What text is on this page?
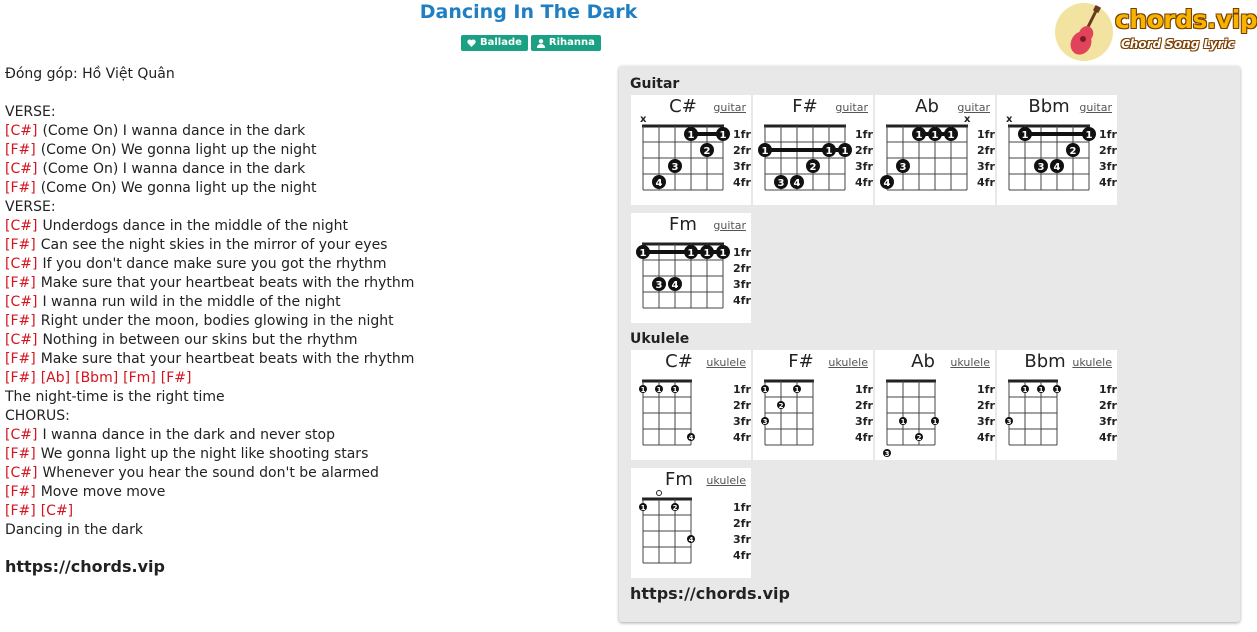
Dancing In The Dark
Ballade	Rihanna
chords.vip
Chord Song Lyric
Đóng góp: Hồ Việt Quân
VERSE:
[C#] (Come On) I wanna dance in the dark
[F#] (Come On) We gonna light up the night
[C#] (Come On) I wanna dance in the dark
[F#] (Come On) We gonna light up the night
VERSE:
[C#] Underdogs dance in the middle of the night
[F#] Can see the night skies in the mirror of your eyes
[C#] If you don't dance make sure you got the rhythm
[F#] Make sure that your heartbeat beats with the rhythm
[C#] I wanna run wild in the middle of the night
[F#] Right under the moon, bodies glowing in the night
[C#] Nothing in between our skins but the rhythm
[F#] Make sure that your heartbeat beats with the rhythm
[F#] [Ab] [Bbm] [Fm] [F#]
The night-time is the right time
CHORUS:
[C#] I wanna dance in the dark and never stop
[F#] We gonna light up the night like shooting stars
[C#] Whenever you hear the sound don't be alarmed
[F#] Move move move
[F#] [C#]
Dancing in the dark
https://chords.vip
Guitar
Ukulele
C#	guitar
1fr
2fr
3fr
4fr
x
1	1
2
3
4
F#	guitar
1fr
2fr
3fr
4fr
1	1 1
2
3 4
Ab	guitar
1fr
2fr
3fr
4fr
x
1 1 1
3
4
Bbm guitar
1fr
2fr
3fr
4fr
x
1	1
2
3 4
Fm	guitar
1fr
2fr
3fr
4fr
1	1 1 1
3 4
C#	ukulele
1fr
2fr
3fr
4fr
1 1 1
4
F#	ukulele
1fr
2fr
3fr
4fr
1	1
2
3
Ab	ukulele
1fr
2fr
3fr
4fr
1	1
2
3
Bbm ukulele
1fr
2fr
3fr
4fr
1 1 1
3
Fm	ukulele
1fr
2fr
3fr
4fr
1	2
4
https://chords.vip
